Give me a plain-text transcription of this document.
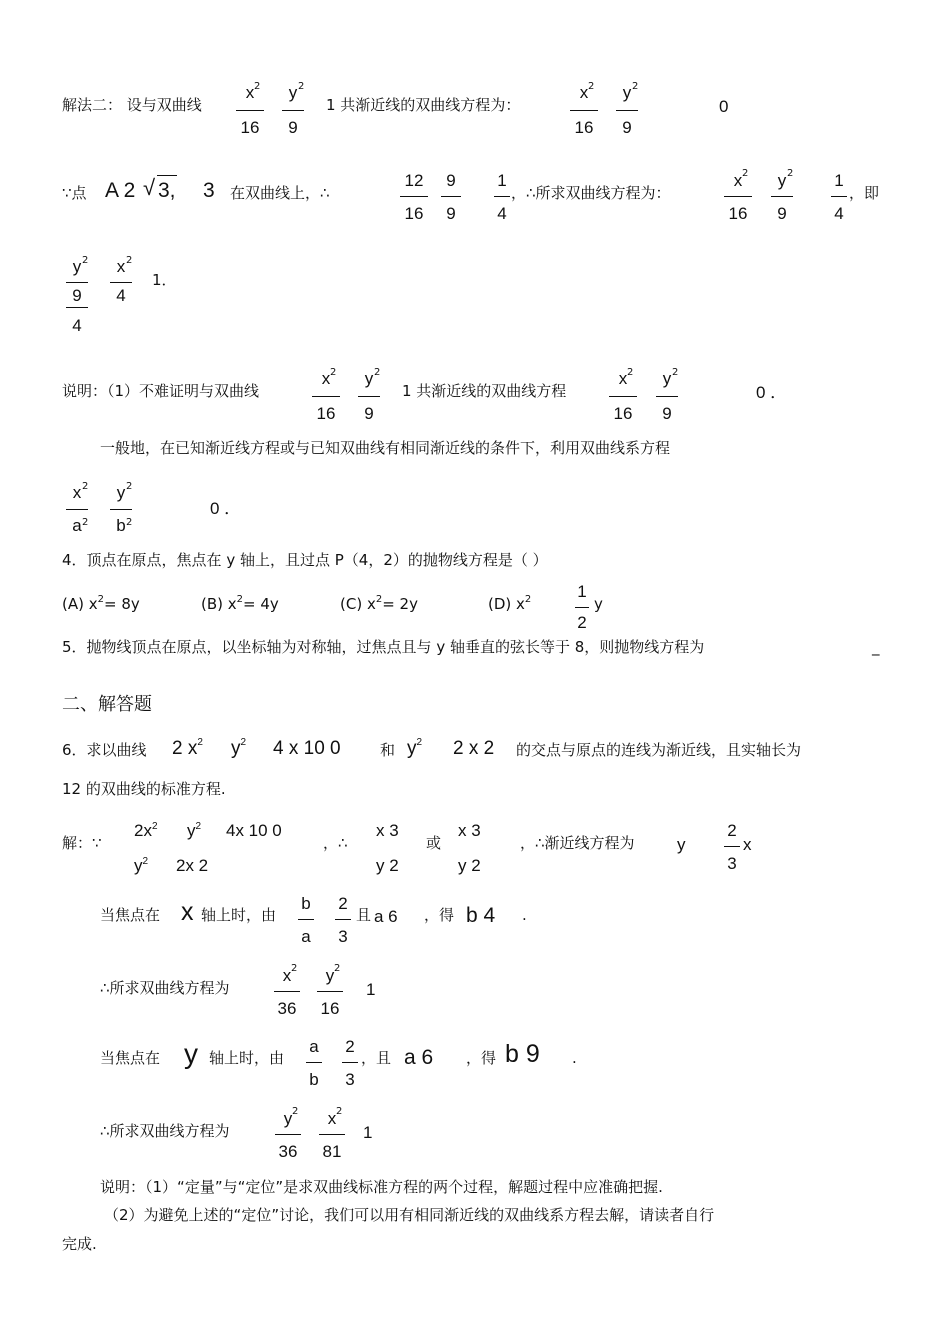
解法二： 设与双曲线
x 2
16
y 2
9
1 共渐近线的双曲线方程为：
x 2
16
y 2
9
0
∵点 A 2 √ 3, 3 在双曲线上，∴
12
16
9
9
1
4
，∴所求双曲线方程为：
x 2
16
y 2
9
1
4
，即
y 2
9
4
x 2
4
1．
说明：（1）不难证明与双曲线
x 2
16
y 2
9
1 共渐近线的双曲线方程
x 2
16
y 2
9
0 ．
一般地，在已知渐近线方程或与已知双曲线有相同渐近线的条件下，利用双曲线系方程
x 2
a 2
y 2
b 2
0 ．
4．顶点在原点，焦点在 y 轴上，且过点 P（4，2）的抛物线方程是（ ）
(A) $x^2= 8y$	(B) $x^2= 4y$	(C) $x^2= 2y$	(D) $x^2$	1
2
y
5．抛物线顶点在原点，以坐标轴为对称轴，过焦点且与 y 轴垂直的弦长等于 8，则抛物线方程为	_
二、解答题
6．求以曲线 2 $x^2$ $y^2$ 4 x 10 0	和 $y^2$ 2 x 2 的交点与原点的连线为渐近线，且实轴长为
12 的双曲线的标准方程.
解：∵
$2x^2$ $y^2$ 4x 10 0
$y^2$ 2x 2
，∴
x 3
y 2
或
x 3
y 2
，∴渐近线方程为 y
2
3
x
当焦点在 x 轴上时，由
b
a
2
3
且 a 6 ，得 b 4 .
∴所求双曲线方程为
x 2
36
y 2
16
1
当焦点在 y 轴上时，由
a
b
2
3
，且 a 6 ，得 b 9 .
∴所求双曲线方程为
y 2
36
x 2
81
1
说明：（1）“定量”与“定位”是求双曲线标准方程的两个过程，解题过程中应准确把握.
（2）为避免上述的“定位”讨论，我们可以用有相同渐近线的双曲线系方程去解，请读者自行
完成.
